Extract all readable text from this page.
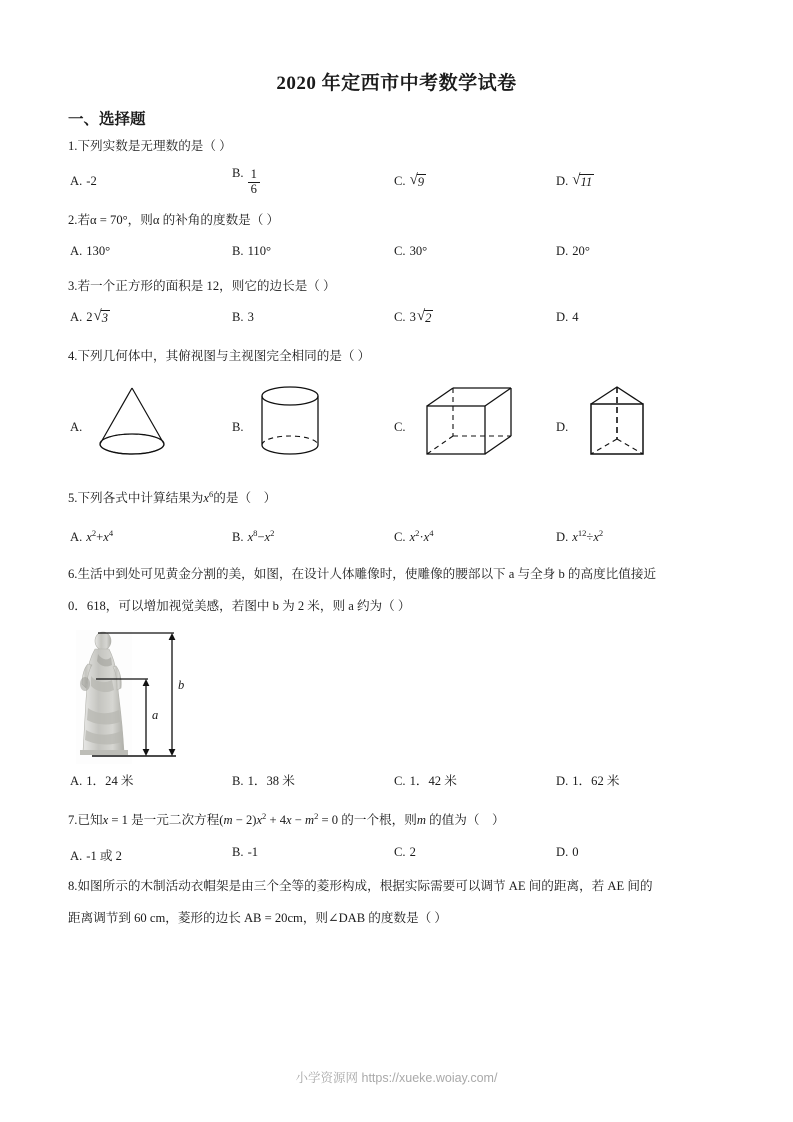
2020 年定西市中考数学试卷
一、选择题
1.下列实数是无理数的是（ ）
A. -2
B. $\frac{1}{6}$	C. √ 9	D. √ 11
2.若α = 70°，则α 的补角的度数是（ ）
A. 130°	B. 110°	C. 30°	D. 20°
3.若一个正方形的面积是 12，则它的边长是（ ）
A. 2 √ 3	B. 3	C. 3 √ 2	D. 4
4.下列几何体中，其俯视图与主视图完全相同的是（ ）
A.	B.	C.	D.
5.下列各式中计算结果为$x^6$的是（    ）
A. $x^2+x^4$	B. $x^8-x^2$	C. $x^2\cdot x^4$	D. $x^{12}\div x^2$
6.生活中到处可见黄金分割的美，如图，在设计人体雕像时，使雕像的腰部以下 a 与全身 b 的高度比值接近
0．618，可以增加视觉美感，若图中 b 为 2 米，则 a 约为（ ）
a
b
A. 1．24 米	B. 1．38 米	C. 1．42 米	D. 1．62 米
7.已知x = 1 是一元二次方程$(m - 2)x^2 + 4x - m^2 = 0$ 的一个根，则m 的值为（    ）
A. -1 或 2	B. -1	C. 2	D. 0
8.如图所示的木制活动衣帽架是由三个全等的菱形构成，根据实际需要可以调节 AE 间的距离，若 AE 间的
距离调节到 60 cm，菱形的边长 AB = 20cm，则∠DAB 的度数是（ ）
小学资源网 https://xueke.woiay.com/
